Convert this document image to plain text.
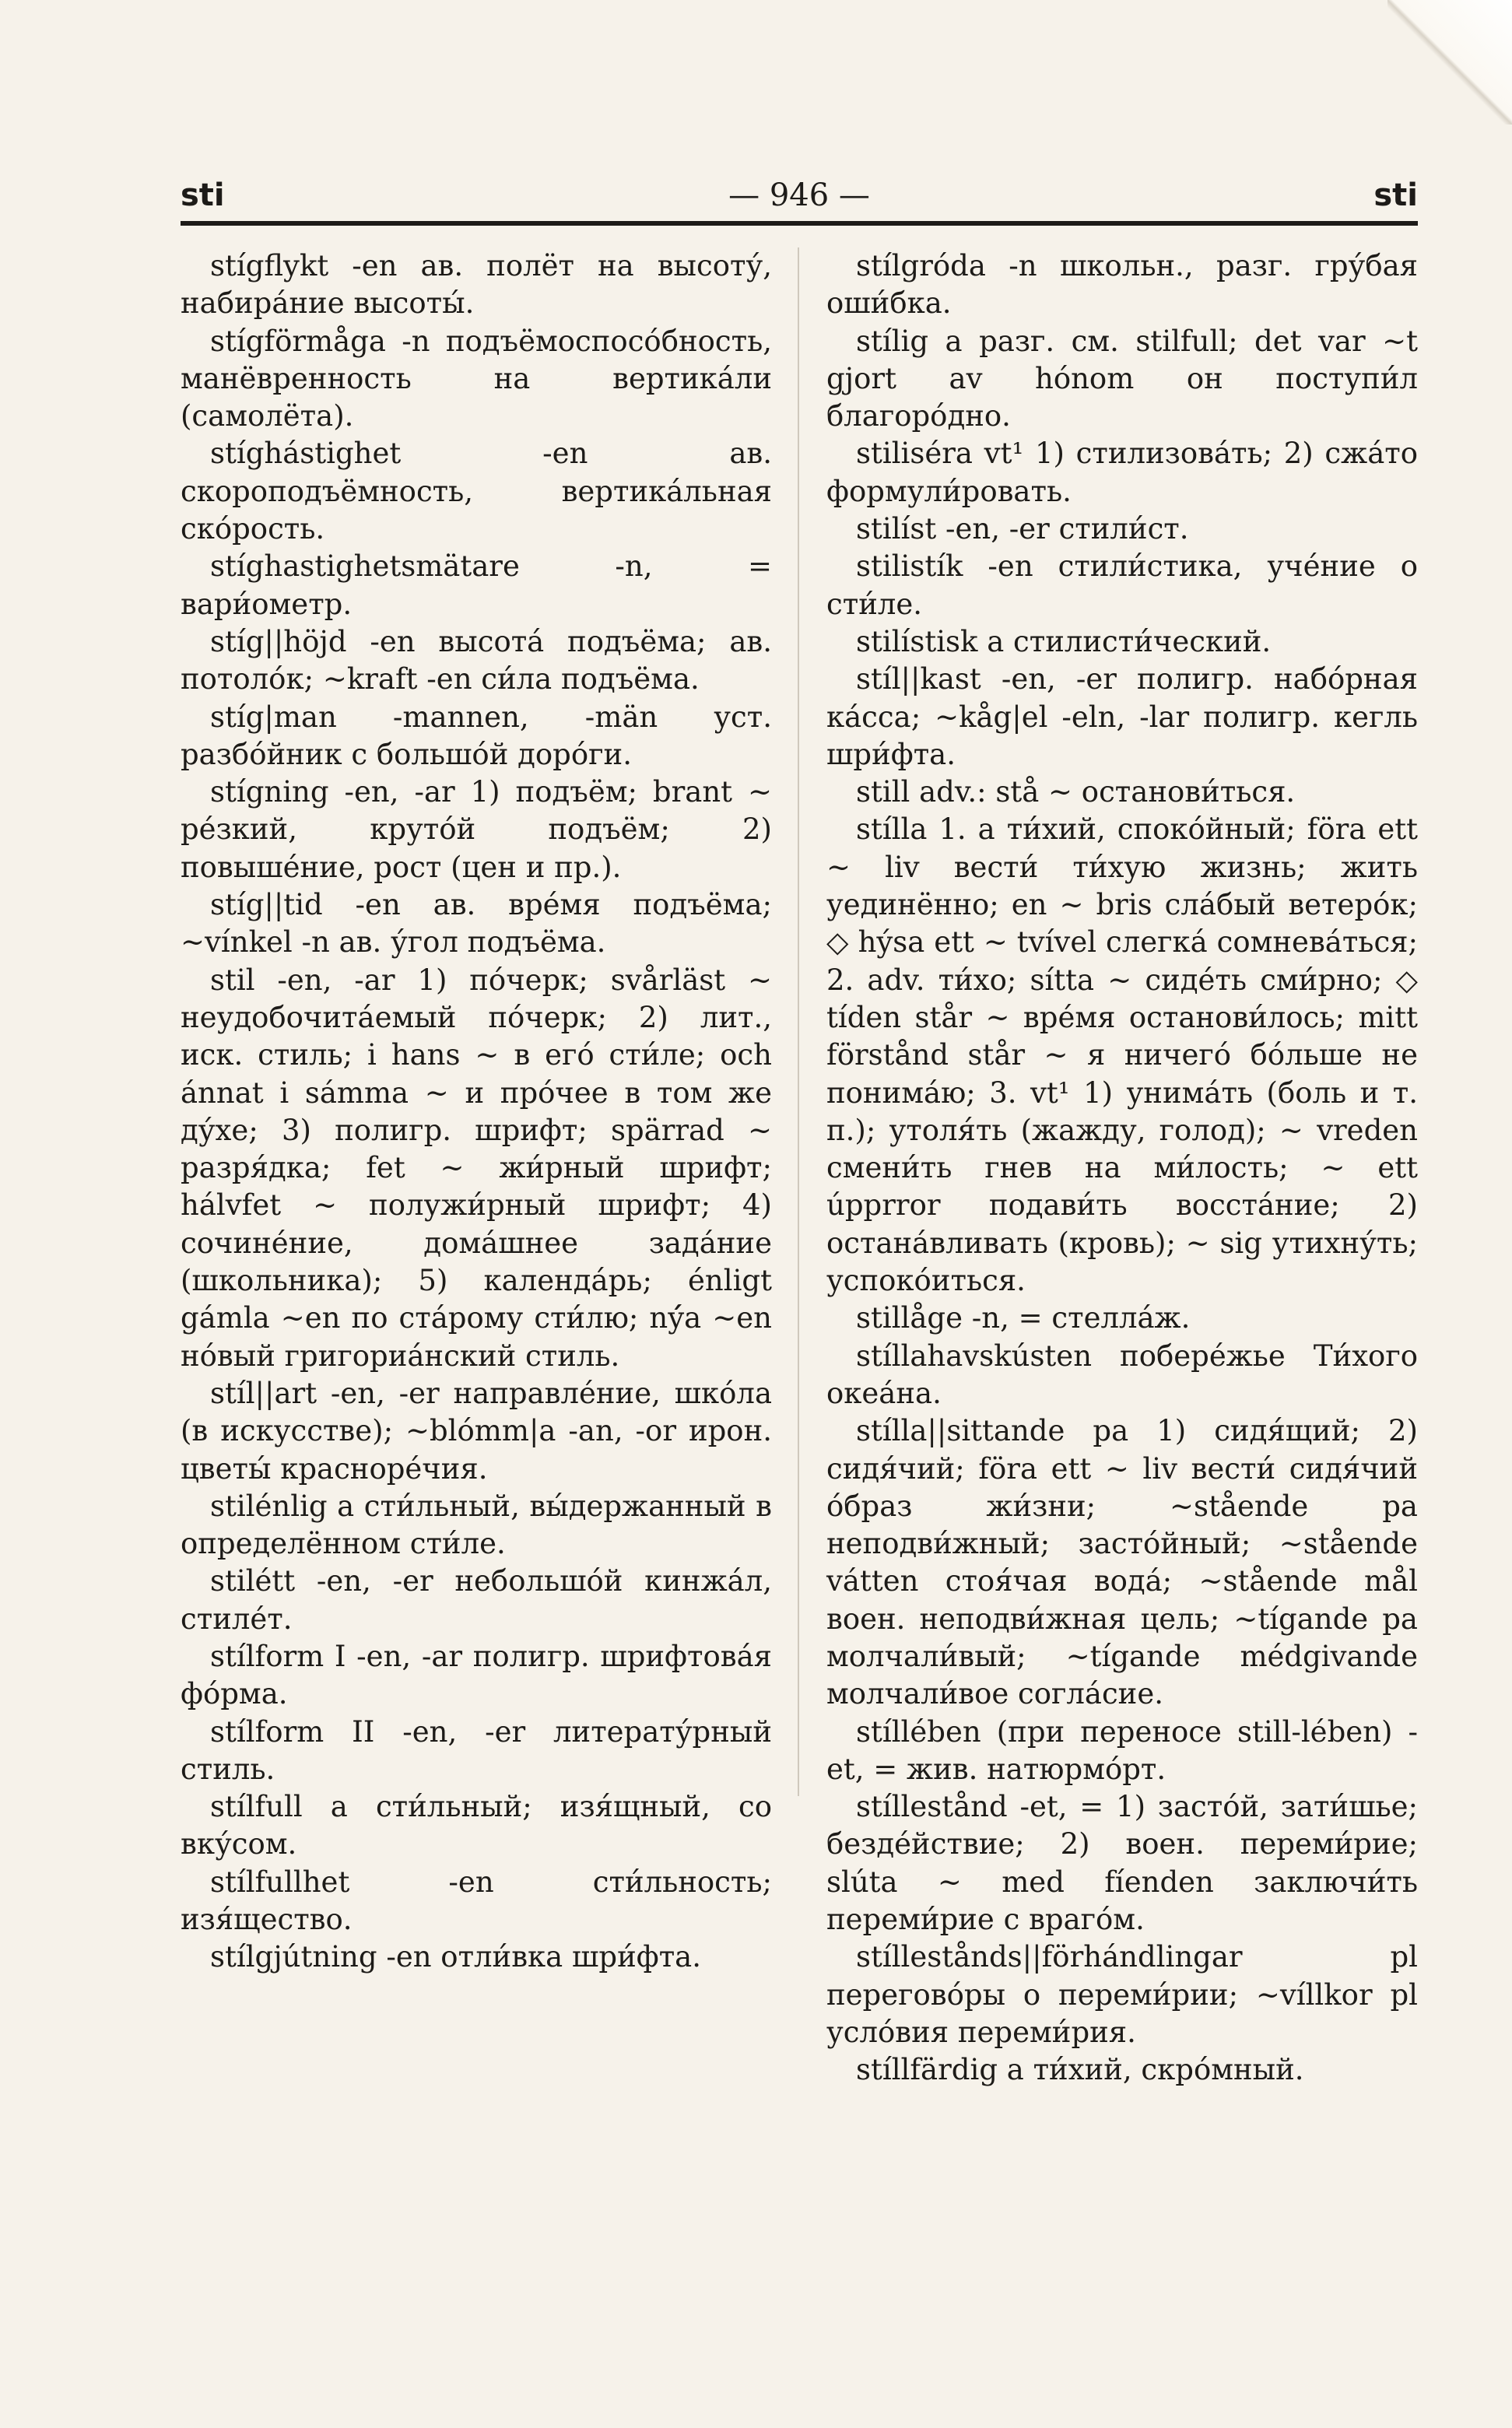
sti	— 946 —	sti

stígflykt -en ав. полёт на высоту́, набира́ние высоты́.

stígförmåga -n подъёмоспосо́бность, манёвренность на вертика́ли (самолёта).

stíghástighet -en ав. скороподъёмность, вертика́льная ско́рость.

stíghastighetsmätare -n, = вари́ометр.

stíg||höjd -en высота́ подъёма; ав. потоло́к; ~kraft -en си́ла подъёма.

stíg|man -mannen, -män уст. разбо́йник с большо́й доро́ги.

stígning -en, -ar 1) подъём; brant ~ ре́зкий, круто́й подъём; 2) повыше́ние, рост (цен и пр.).

stíg||tid -en ав. вре́мя подъёма; ~vínkel -n ав. у́гол подъёма.

stil -en, -ar 1) по́черк; svårläst ~ неудобочита́емый по́черк; 2) лит., иск. стиль; i hans ~ в его́ сти́ле; och ánnat i sámma ~ и про́чее в том же ду́хе; 3) полигр. шрифт; spärrad ~ разря́дка; fet ~ жи́рный шрифт; hálvfet ~ полужи́рный шрифт; 4) сочине́ние, дома́шнее зада́ние (школьника); 5) календа́рь; énligt gámla ~en по ста́рому сти́лю; ný́a ~en но́вый григориа́нский стиль.

stíl||art -en, -er направле́ние, шко́ла (в искусстве); ~blómm|a -an, -or ирон. цветы́ красноре́чия.

stilénlig a сти́льный, вы́держанный в определённом сти́ле.

stilétt -en, -er небольшо́й кинжа́л, стиле́т.

stílform I -en, -ar полигр. шрифтова́я фо́рма.

stílform II -en, -er литерату́рный стиль.

stílfull a сти́льный; изя́щный, со вку́сом.

stílfullhet -en сти́льность; изя́щество.

stílgjútning -en отли́вка шри́фта.

stílgróda -n школьн., разг. гру́бая оши́бка.

stílig a разг. см. stilfull; det var ~t gjort av hónom он поступи́л благоро́дно.

stiliséra vt¹ 1) стилизова́ть; 2) сжа́то формули́ровать.

stilíst -en, -er стили́ст.

stilistík -en стили́стика, уче́ние о сти́ле.

stilístisk a стилисти́ческий.

stíl||kast -en, -er полигр. набо́рная ка́сса; ~kåg|el -eln, -lar полигр. кегль шри́фта.

still adv.: stå ~ останови́ться.

stílla 1. a ти́хий, споко́йный; föra ett ~ liv вести́ ти́хую жизнь; жить уединённо; en ~ bris сла́бый ветеро́к; ◇ hýsa ett ~ tvível слегка́ сомнева́ться; 2. adv. ти́хо; sítta ~ сиде́ть сми́рно; ◇ tíden står ~ вре́мя останови́лось; mitt förstånd står ~ я ничего́ бо́льше не понима́ю; 3. vt¹ 1) унима́ть (боль и т. п.); утоля́ть (жажду, голод); ~ vreden смени́ть гнев на ми́лость; ~ ett úpprror подави́ть восста́ние; 2) остана́вливать (кровь); ~ sig утихну́ть; успоко́иться.

stillåge -n, = стелла́ж.

stíllahavskústen побере́жье Ти́хого океа́на.

stílla||sittande pa 1) сидя́щий; 2) сидя́чий; föra ett ~ liv вести́ сидя́чий о́браз жи́зни; ~stående pa неподви́жный; засто́йный; ~stående vátten стоя́чая вода́; ~stående mål воен. неподви́жная цель; ~tígande pa молчали́вый; ~tígande médgivande молчали́вое согла́сие.

stíllében (при переносе still-lében) -et, = жив. натюрмо́рт.

stíllestånd -et, = 1) засто́й, зати́шье; безде́йствие; 2) воен. переми́рие; slúta ~ med fíenden заключи́ть переми́рие с враго́м.

stíllestånds||förhándlingar pl перегово́ры о переми́рии; ~víllkor pl усло́вия переми́рия.

stíllfärdig a ти́хий, скро́мный.
